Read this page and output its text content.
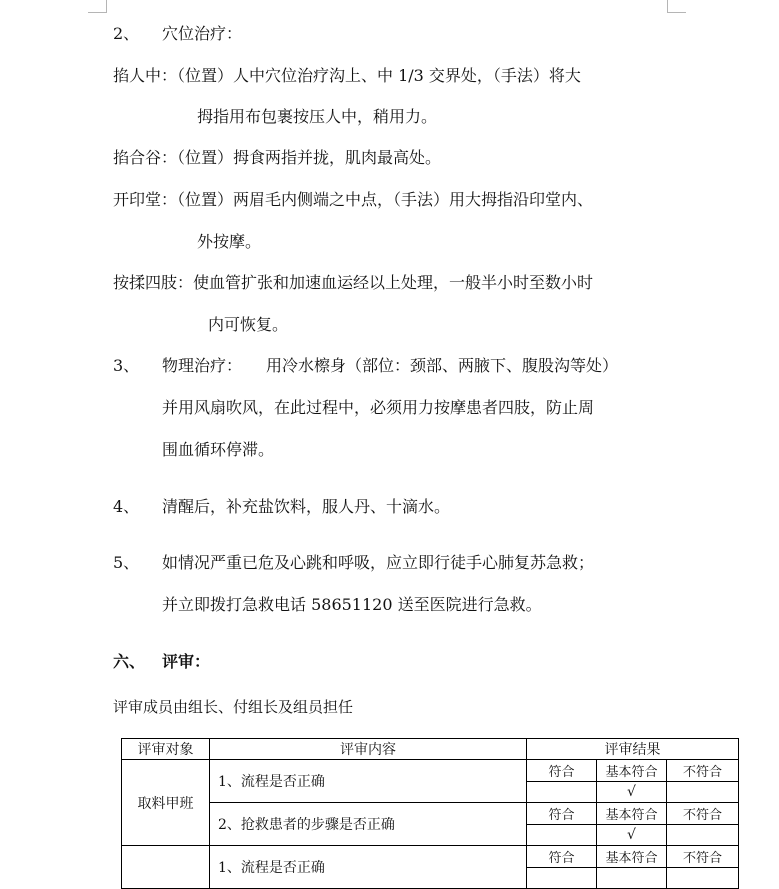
2、 穴位治疗：
掐人中：（位置）人中穴位治疗沟上、中 1/3 交界处，（手法）将大
拇指用布包裹按压人中，稍用力。
掐合谷：（位置）拇食两指并拢，肌肉最高处。
开印堂：（位置）两眉毛内侧端之中点，（手法）用大拇指沿印堂内、
外按摩。
按揉四肢：使血管扩张和加速血运经以上处理，一般半小时至数小时
内可恢复。
3、 物理治疗：　　用冷水檫身（部位：颈部、两腋下、腹股沟等处）
并用风扇吹风，在此过程中，必须用力按摩患者四肢，防止周
围血循环停滞。
4、 清醒后，补充盐饮料，服人丹、十滴水。
5、 如情况严重已危及心跳和呼吸，应立即行徒手心肺复苏急救；
并立即拨打急救电话 58651120 送至医院进行急救。
六、 评审：
评审成员由组长、付组长及组员担任
评审对象	评审内容	评审结果		
取料甲班	1、流程是否正确	符合	基本符合	不符合
			√	
	2、抢救患者的步骤是否正确	符合	基本符合	不符合
			√	
	1、流程是否正确	符合	基本符合	不符合
